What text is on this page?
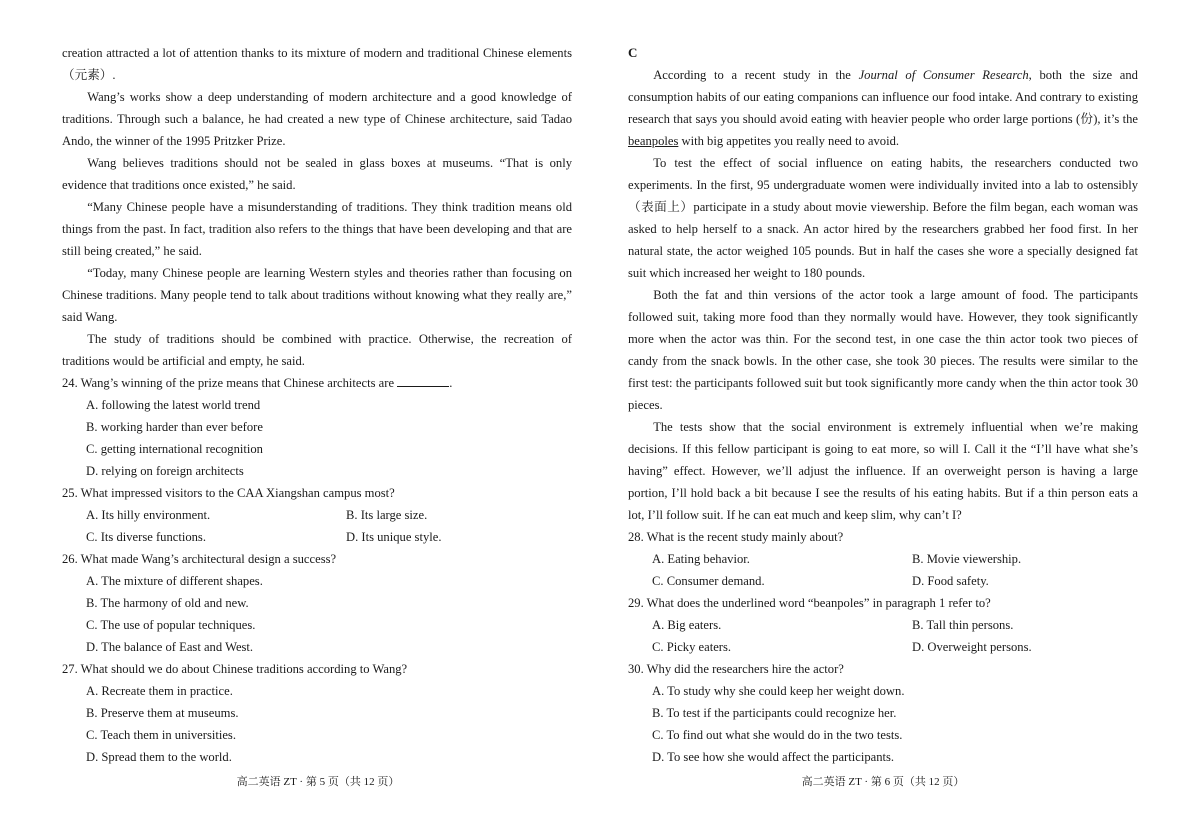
creation attracted a lot of attention thanks to its mixture of modern and traditional Chinese elements（元素）.

Wang’s works show a deep understanding of modern architecture and a good knowledge of traditions. Through such a balance, he had created a new type of Chinese architecture, said Tadao Ando, the winner of the 1995 Pritzker Prize.

Wang believes traditions should not be sealed in glass boxes at museums. “That is only evidence that traditions once existed,” he said.

“Many Chinese people have a misunderstanding of traditions. They think tradition means old things from the past. In fact, tradition also refers to the things that have been developing and that are still being created,” he said.

“Today, many Chinese people are learning Western styles and theories rather than focusing on Chinese traditions. Many people tend to talk about traditions without knowing what they really are,” said Wang.

The study of traditions should be combined with practice. Otherwise, the recreation of traditions would be artificial and empty, he said.

24. Wang’s winning of the prize means that Chinese architects are	.
A. following the latest world trend
B. working harder than ever before
C. getting international recognition
D. relying on foreign architects
25. What impressed visitors to the CAA Xiangshan campus most?
A. Its hilly environment.	B. Its large size.
C. Its diverse functions.	D. Its unique style.
26. What made Wang’s architectural design a success?
A. The mixture of different shapes.
B. The harmony of old and new.
C. The use of popular techniques.
D. The balance of East and West.
27. What should we do about Chinese traditions according to Wang?
A. Recreate them in practice.
B. Preserve them at museums.
C. Teach them in universities.
D. Spread them to the world.
高二英语 ZT · 第 5 页（共 12 页）

C

According to a recent study in the Journal of Consumer Research, both the size and consumption habits of our eating companions can influence our food intake. And contrary to existing research that says you should avoid eating with heavier people who order large portions (份), it’s the beanpoles with big appetites you really need to avoid.

To test the effect of social influence on eating habits, the researchers conducted two experiments. In the first, 95 undergraduate women were individually invited into a lab to ostensibly（表面上）participate in a study about movie viewership. Before the film began, each woman was asked to help herself to a snack. An actor hired by the researchers grabbed her food first. In her natural state, the actor weighed 105 pounds. But in half the cases she wore a specially designed fat suit which increased her weight to 180 pounds.

Both the fat and thin versions of the actor took a large amount of food. The participants followed suit, taking more food than they normally would have. However, they took significantly more when the actor was thin. For the second test, in one case the thin actor took two pieces of candy from the snack bowls. In the other case, she took 30 pieces. The results were similar to the first test: the participants followed suit but took significantly more candy when the thin actor took 30 pieces.

The tests show that the social environment is extremely influential when we’re making decisions. If this fellow participant is going to eat more, so will I. Call it the “I’ll have what she’s having” effect. However, we’ll adjust the influence. If an overweight person is having a large portion, I’ll hold back a bit because I see the results of his eating habits. But if a thin person eats a lot, I’ll follow suit. If he can eat much and keep slim, why can’t I?

28. What is the recent study mainly about?
A. Eating behavior.	B. Movie viewership.
C. Consumer demand.	D. Food safety.
29. What does the underlined word “beanpoles” in paragraph 1 refer to?
A. Big eaters.	B. Tall thin persons.
C. Picky eaters.	D. Overweight persons.
30. Why did the researchers hire the actor?
A. To study why she could keep her weight down.
B. To test if the participants could recognize her.
C. To find out what she would do in the two tests.
D. To see how she would affect the participants.
高二英语 ZT · 第 6 页（共 12 页）
